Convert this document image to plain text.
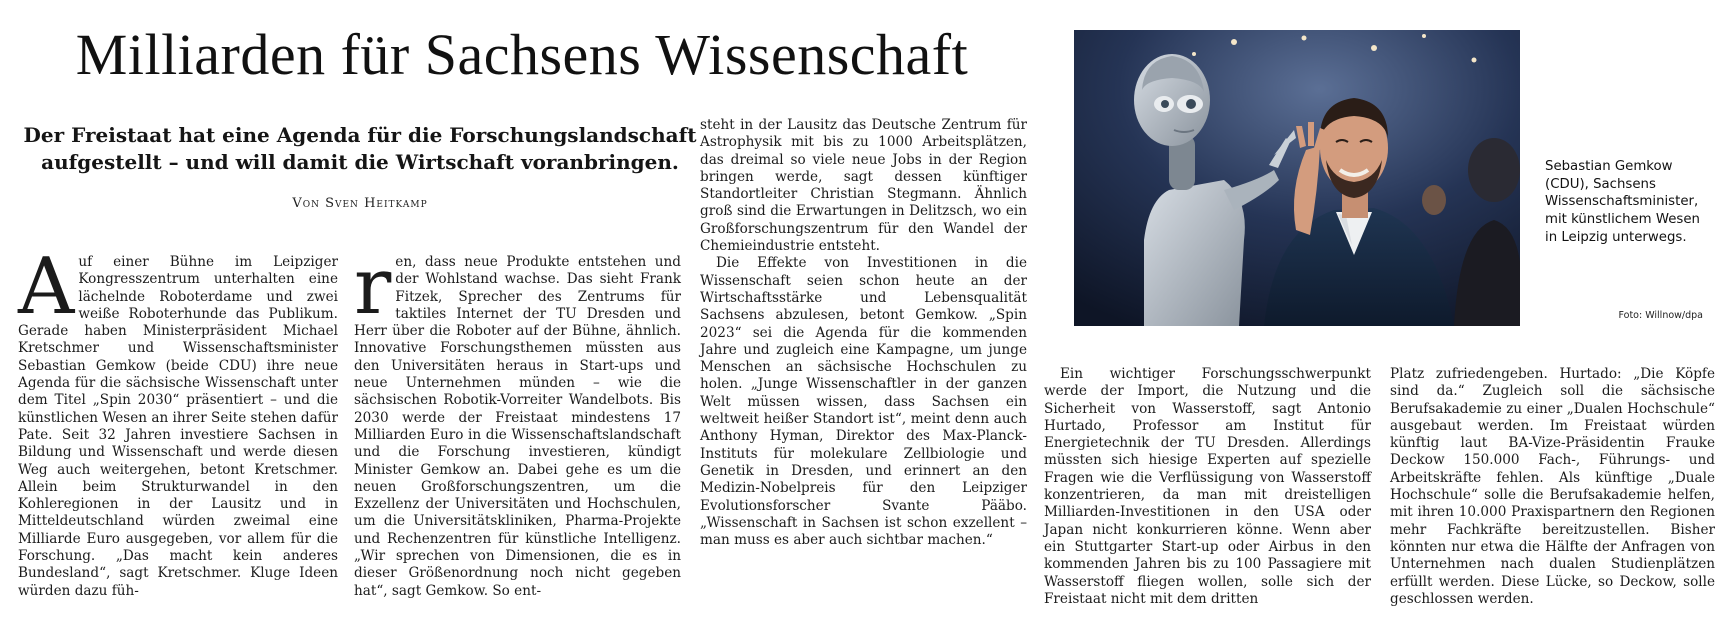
Milliarden für Sachsens Wissenschaft
Der Freistaat hat eine Agenda für die Forschungslandschaft aufgestellt – und will damit die Wirtschaft voranbringen.
Von Sven Heitkamp

Auf einer Bühne im Leipziger Kongresszentrum unterhalten eine lächelnde Roboterdame und zwei weiße Roboterhunde das Publikum. Gerade haben Ministerpräsident Michael Kretschmer und Wissenschaftsminister Sebastian Gemkow (beide CDU) ihre neue Agenda für die sächsische Wissenschaft unter dem Titel „Spin 2030“ präsentiert – und die künstlichen Wesen an ihrer Seite stehen dafür Pate. Seit 32 Jahren investiere Sachsen in Bildung und Wissenschaft und werde diesen Weg auch weitergehen, betont Kretschmer. Allein beim Strukturwandel in den Kohleregionen in der Lausitz und in Mitteldeutschland würden zweimal eine Milliarde Euro ausgegeben, vor allem für die Forschung. „Das macht kein anderes Bundesland“, sagt Kretschmer. Kluge Ideen würden dazu füh-

ren, dass neue Produkte entstehen und der Wohlstand wachse. Das sieht Frank Fitzek, Sprecher des Zentrums für taktiles Internet der TU Dresden und Herr über die Roboter auf der Bühne, ähnlich. Innovative Forschungsthemen müssten aus den Universitäten heraus in Start-ups und neue Unternehmen münden – wie die sächsischen Robotik-Vorreiter Wandelbots. Bis 2030 werde der Freistaat mindestens 17 Milliarden Euro in die Wissenschaftslandschaft und die Forschung investieren, kündigt Minister Gemkow an. Dabei gehe es um die neuen Großforschungszentren, um die Exzellenz der Universitäten und Hochschulen, um die Universitätskliniken, Pharma-Projekte und Rechenzentren für künstliche Intelligenz. „Wir sprechen von Dimensionen, die es in dieser Größenordnung noch nicht gegeben hat“, sagt Gemkow. So ent-

steht in der Lausitz das Deutsche Zentrum für Astrophysik mit bis zu 1000 Arbeitsplätzen, das dreimal so viele neue Jobs in der Region bringen werde, sagt dessen künftiger Standortleiter Christian Stegmann. Ähnlich groß sind die Erwartungen in Delitzsch, wo ein Großforschungszentrum für den Wandel der Chemieindustrie entsteht.

Die Effekte von Investitionen in die Wissenschaft seien schon heute an der Wirtschaftsstärke und Lebensqualität Sachsens abzulesen, betont Gemkow. „Spin 2023“ sei die Agenda für die kommenden Jahre und zugleich eine Kampagne, um junge Menschen an sächsische Hochschulen zu holen. „Junge Wissenschaftler in der ganzen Welt müssen wissen, dass Sachsen ein weltweit heißer Standort ist“, meint denn auch Anthony Hyman, Direktor des Max-Planck-Instituts für molekulare Zellbiologie und Genetik in Dresden, und erinnert an den Medizin-Nobelpreis für den Leipziger Evolutionsforscher Svante Pääbo. „Wissenschaft in Sachsen ist schon exzellent – man muss es aber auch sichtbar machen.“

Ein wichtiger Forschungsschwerpunkt werde der Import, die Nutzung und die Sicherheit von Wasserstoff, sagt Antonio Hurtado, Professor am Institut für Energietechnik der TU Dresden. Allerdings müssten sich hiesige Experten auf spezielle Fragen wie die Verflüssigung von Wasserstoff konzentrieren, da man mit dreistelligen Milliarden-Investitionen in den USA oder Japan nicht konkurrieren könne. Wenn aber ein Stuttgarter Start-up oder Airbus in den kommenden Jahren bis zu 100 Passagiere mit Wasserstoff fliegen wollen, solle sich der Freistaat nicht mit dem dritten

Platz zufriedengeben. Hurtado: „Die Köpfe sind da.“ Zugleich soll die sächsische Berufsakademie zu einer „Dualen Hochschule“ ausgebaut werden. Im Freistaat würden künftig laut BA-Vize-Präsidentin Frauke Deckow 150.000 Fach-, Führungs- und Arbeitskräfte fehlen. Als künftige „Duale Hochschule“ solle die Berufsakademie helfen, mit ihren 10.000 Praxispartnern den Regionen mehr Fachkräfte bereitzustellen. Bisher könnten nur etwa die Hälfte der Anfragen von Unternehmen nach dualen Studienplätzen erfüllt werden. Diese Lücke, so Deckow, solle geschlossen werden.

Sebastian Gemkow (CDU), Sachsens Wissenschaftsminister, mit künstlichem Wesen in Leipzig unterwegs.

Foto: Willnow/dpa
